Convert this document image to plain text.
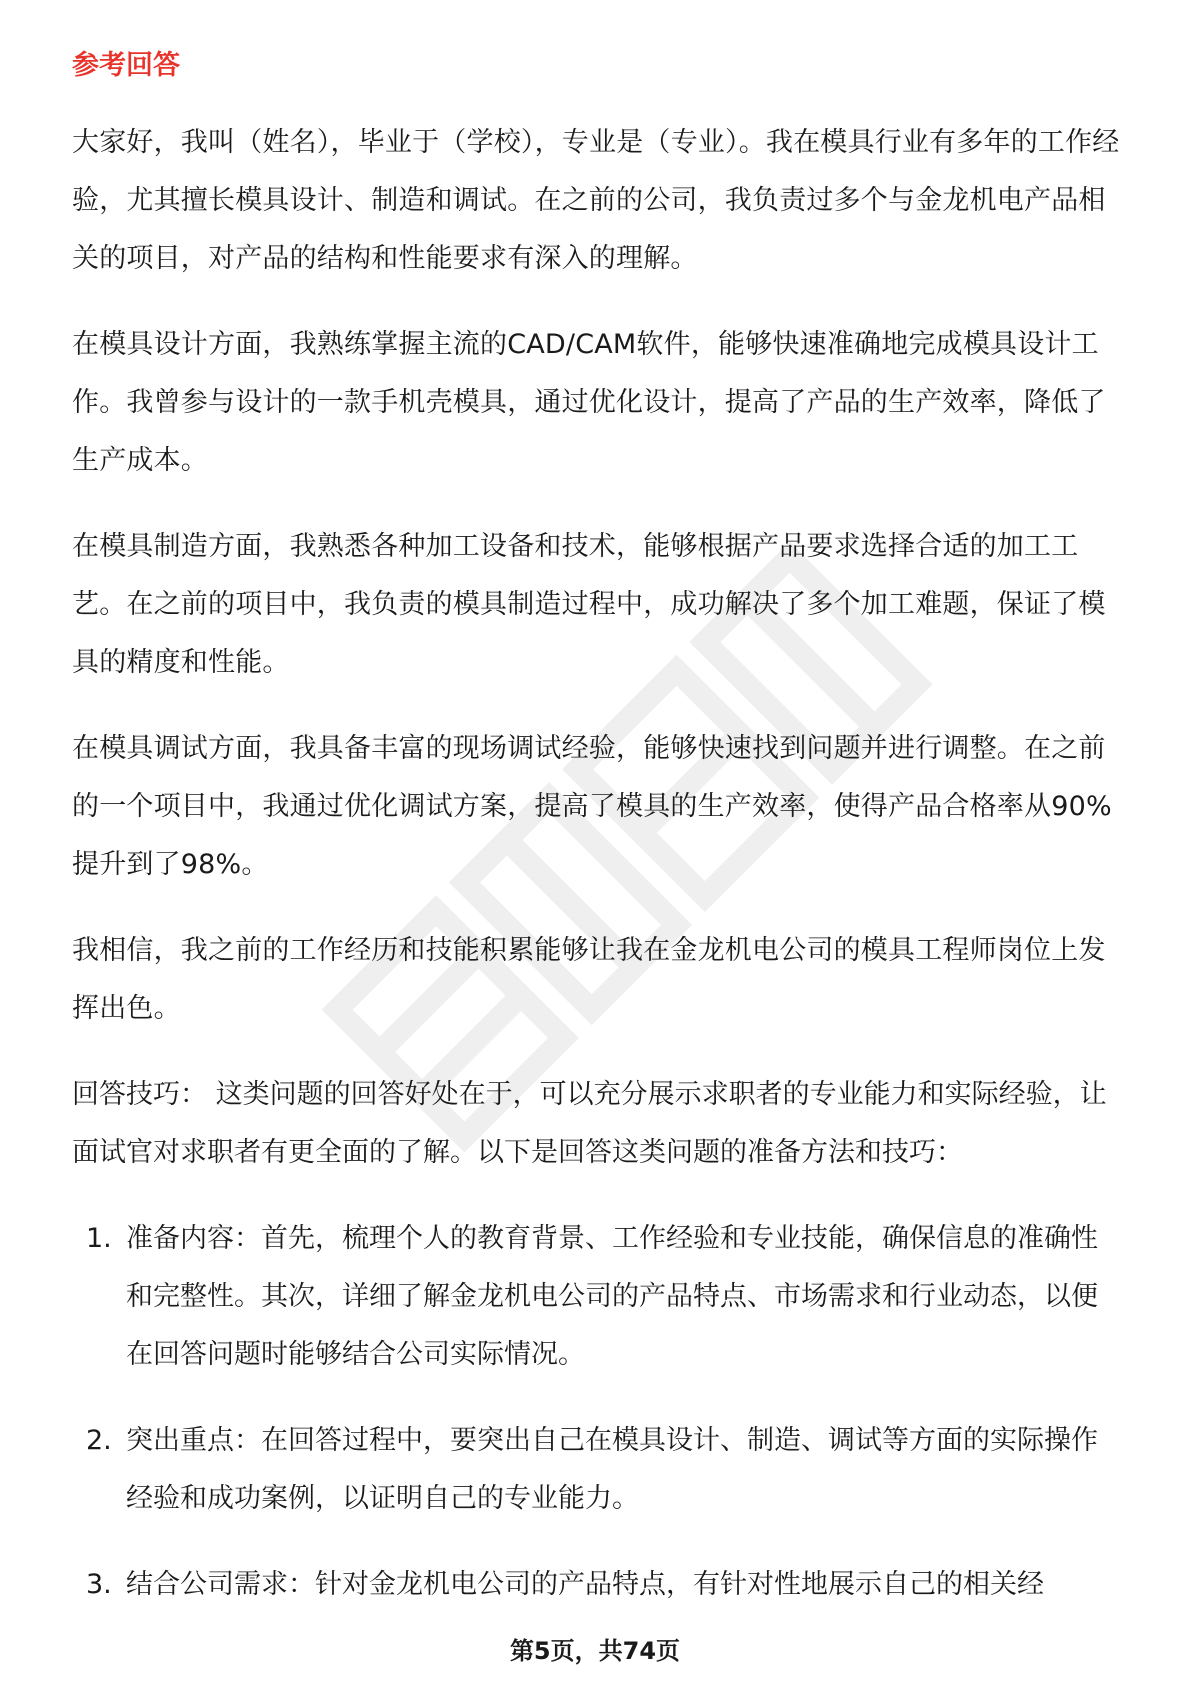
参考回答

大家好，我叫（姓名），毕业于（学校），专业是（专业）。我在模具行业有多年的工作经验，尤其擅长模具设计、制造和调试。在之前的公司，我负责过多个与金龙机电产品相关的项目，对产品的结构和性能要求有深入的理解。

在模具设计方面，我熟练掌握主流的CAD/CAM软件，能够快速准确地完成模具设计工作。我曾参与设计的一款手机壳模具，通过优化设计，提高了产品的生产效率，降低了生产成本。

在模具制造方面，我熟悉各种加工设备和技术，能够根据产品要求选择合适的加工工艺。在之前的项目中，我负责的模具制造过程中，成功解决了多个加工难题，保证了模具的精度和性能。

在模具调试方面，我具备丰富的现场调试经验，能够快速找到问题并进行调整。在之前的一个项目中，我通过优化调试方案，提高了模具的生产效率，使得产品合格率从90%提升到了98%。

我相信，我之前的工作经历和技能积累能够让我在金龙机电公司的模具工程师岗位上发挥出色。

回答技巧： 这类问题的回答好处在于，可以充分展示求职者的专业能力和实际经验，让面试官对求职者有更全面的了解。以下是回答这类问题的准备方法和技巧：

1. 准备内容：首先，梳理个人的教育背景、工作经验和专业技能，确保信息的准确性和完整性。其次，详细了解金龙机电公司的产品特点、市场需求和行业动态，以便在回答问题时能够结合公司实际情况。
2. 突出重点：在回答过程中，要突出自己在模具设计、制造、调试等方面的实际操作经验和成功案例，以证明自己的专业能力。
3. 结合公司需求：针对金龙机电公司的产品特点，有针对性地展示自己的相关经
第5页，共74页
